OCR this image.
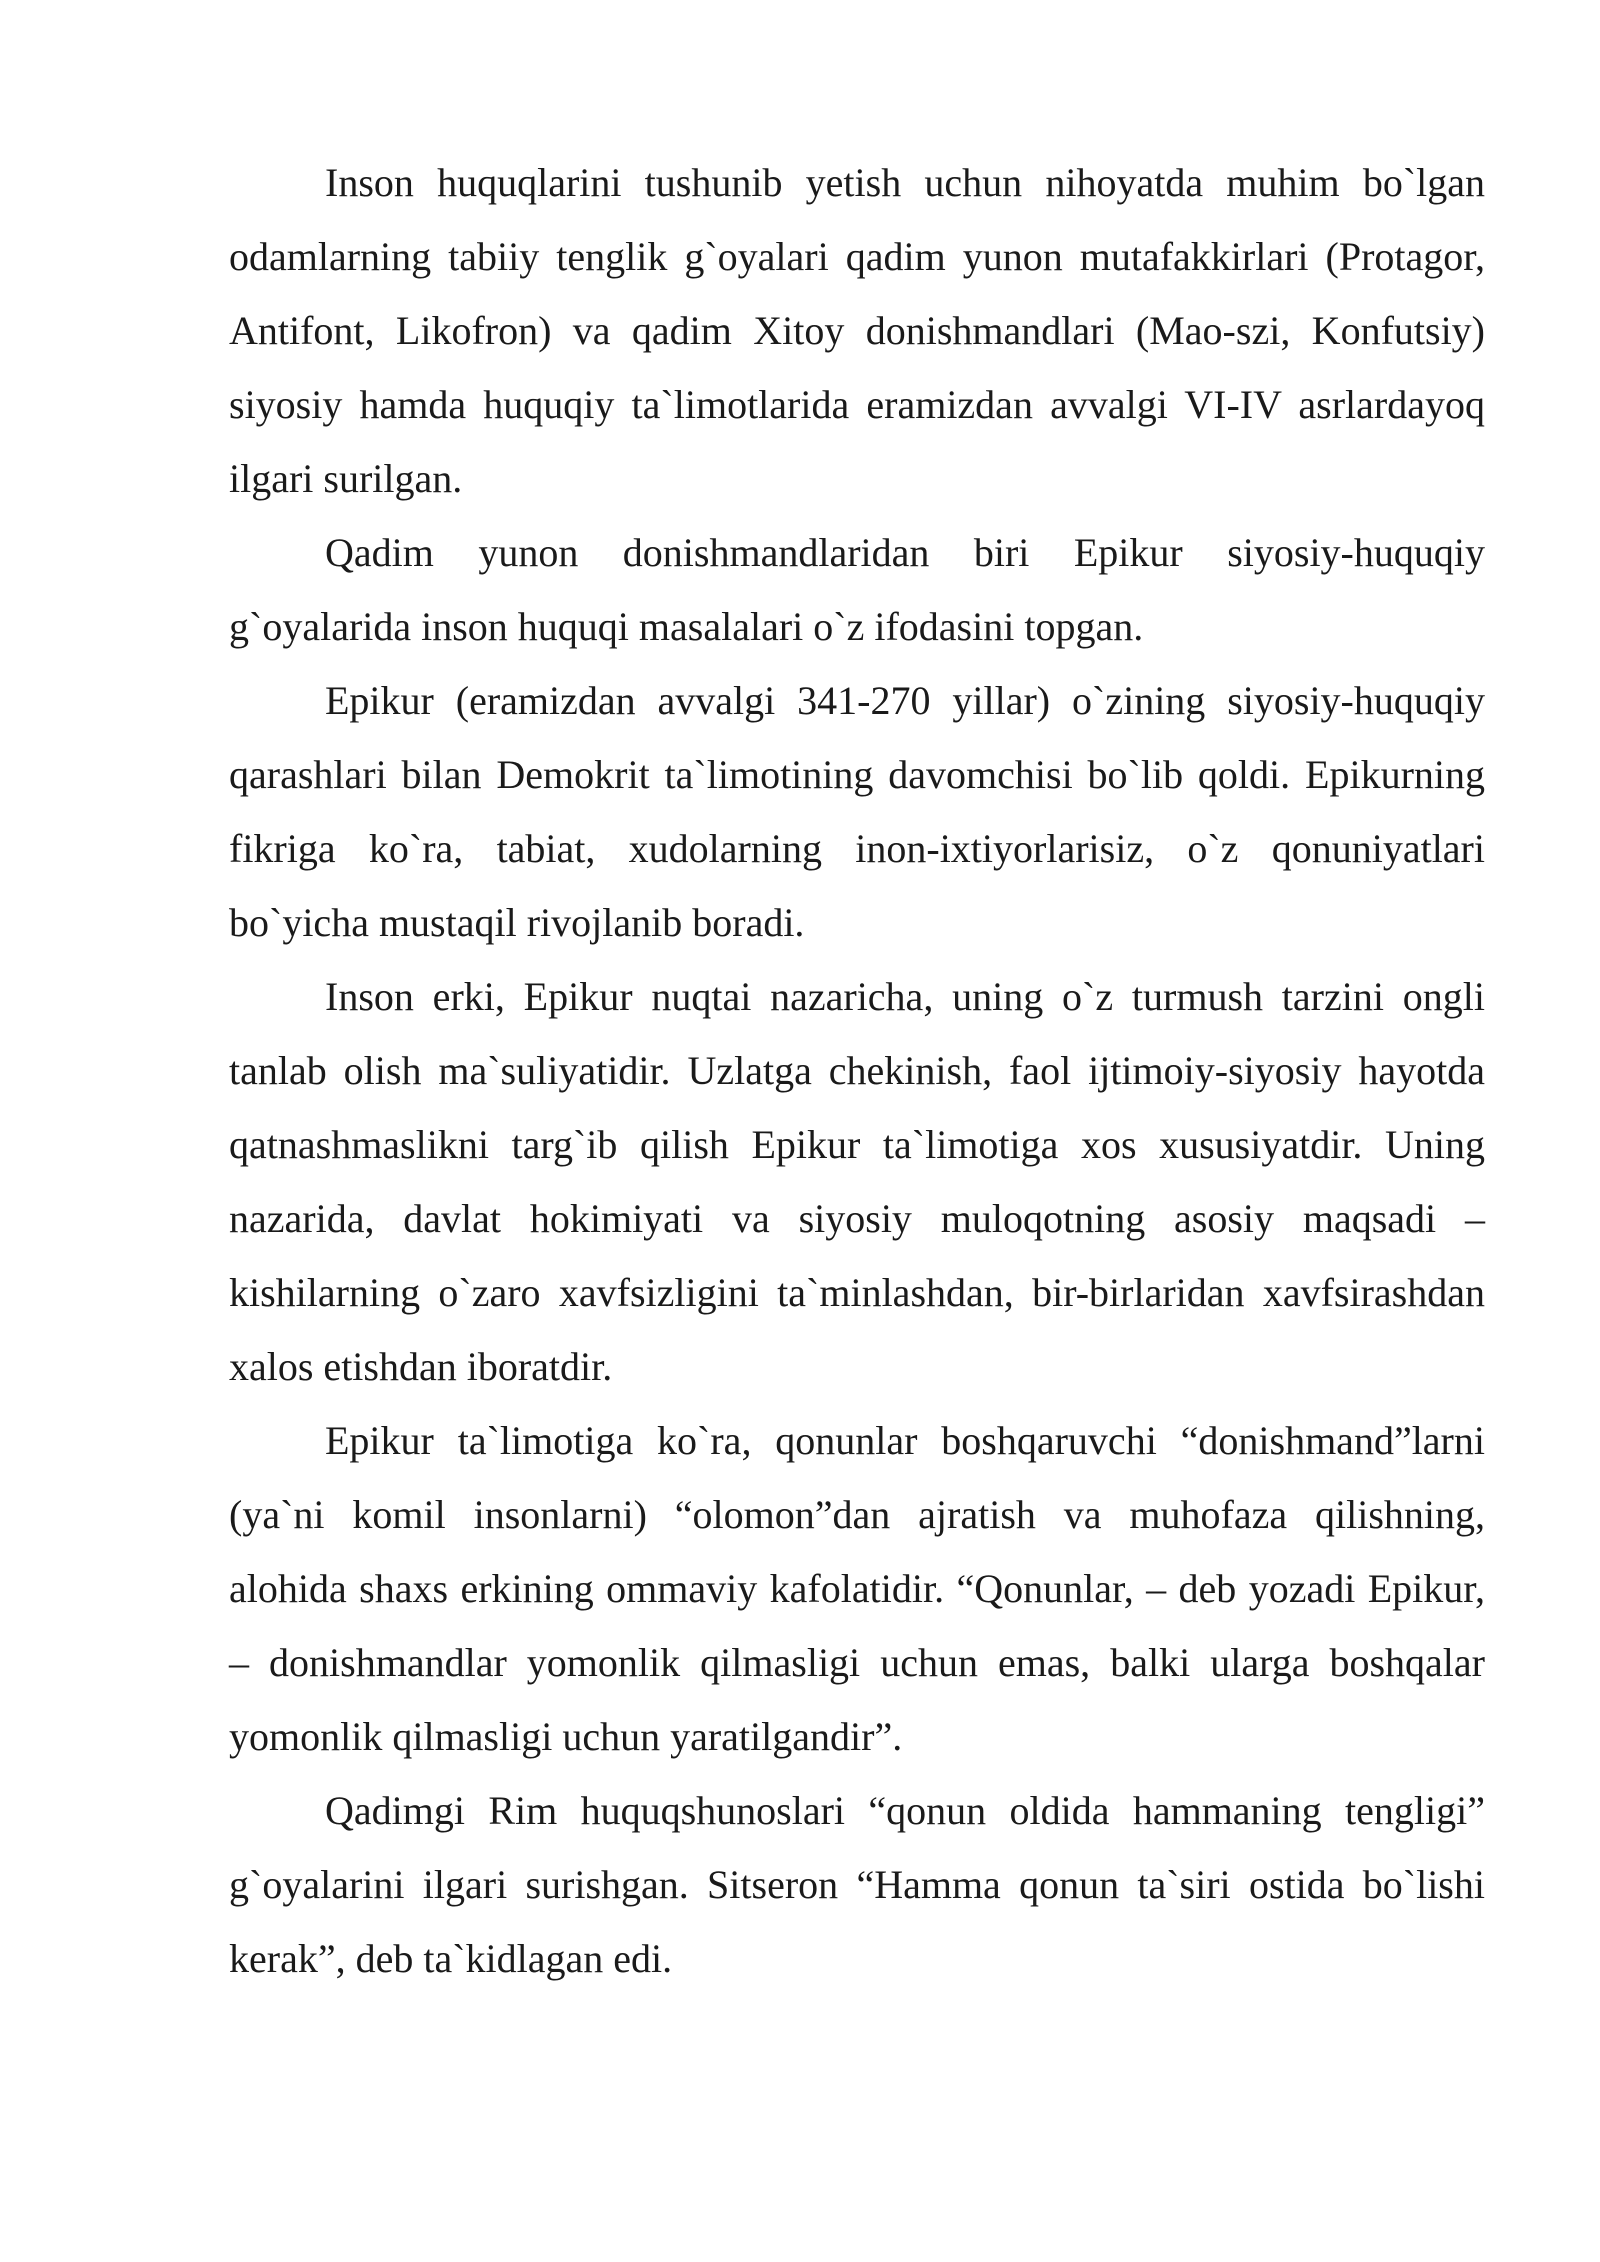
Inson huquqlarini tushunib yetish uchun nihoyatda muhim bo`lgan odamlarning tabiiy tenglik g`oyalari qadim yunon mutafakkirlari (Protagor, Antifont, Likofron) va qadim Xitoy donishmandlari (Mao-szi, Konfutsiy) siyosiy hamda huquqiy ta`limotlarida eramizdan avvalgi VI-IV asrlardayoq ilgari surilgan.

Qadim yunon donishmandlaridan biri Epikur siyosiy-huquqiy g`oyalarida inson huquqi masalalari o`z ifodasini topgan.

Epikur (eramizdan avvalgi 341-270 yillar) o`zining siyosiy-huquqiy qarashlari bilan Demokrit ta`limotining davomchisi bo`lib qoldi. Epikurning fikriga ko`ra, tabiat, xudolarning inon-ixtiyorlarisiz, o`z qonuniyatlari bo`yicha mustaqil rivojlanib boradi.

Inson erki, Epikur nuqtai nazaricha, uning o`z turmush tarzini ongli tanlab olish ma`suliyatidir. Uzlatga chekinish, faol ijtimoiy-siyosiy hayotda qatnashmaslikni targ`ib qilish Epikur ta`limotiga xos xususiyatdir. Uning nazarida, davlat hokimiyati va siyosiy muloqotning asosiy maqsadi – kishilarning o`zaro xavfsizligini ta`minlashdan, bir-birlaridan xavfsirashdan xalos etishdan iboratdir.

Epikur ta`limotiga ko`ra, qonunlar boshqaruvchi “donishmand”larni (ya`ni komil insonlarni) “olomon”dan ajratish va muhofaza qilishning, alohida shaxs erkining ommaviy kafolatidir. “Qonunlar, – deb yozadi Epikur, – donishmandlar yomonlik qilmasligi uchun emas, balki ularga boshqalar yomonlik qilmasligi uchun yaratilgandir”.

Qadimgi Rim huquqshunoslari “qonun oldida hammaning tengligi” g`oyalarini ilgari surishgan. Sitseron “Hamma qonun ta`siri ostida bo`lishi kerak”, deb ta`kidlagan edi.
